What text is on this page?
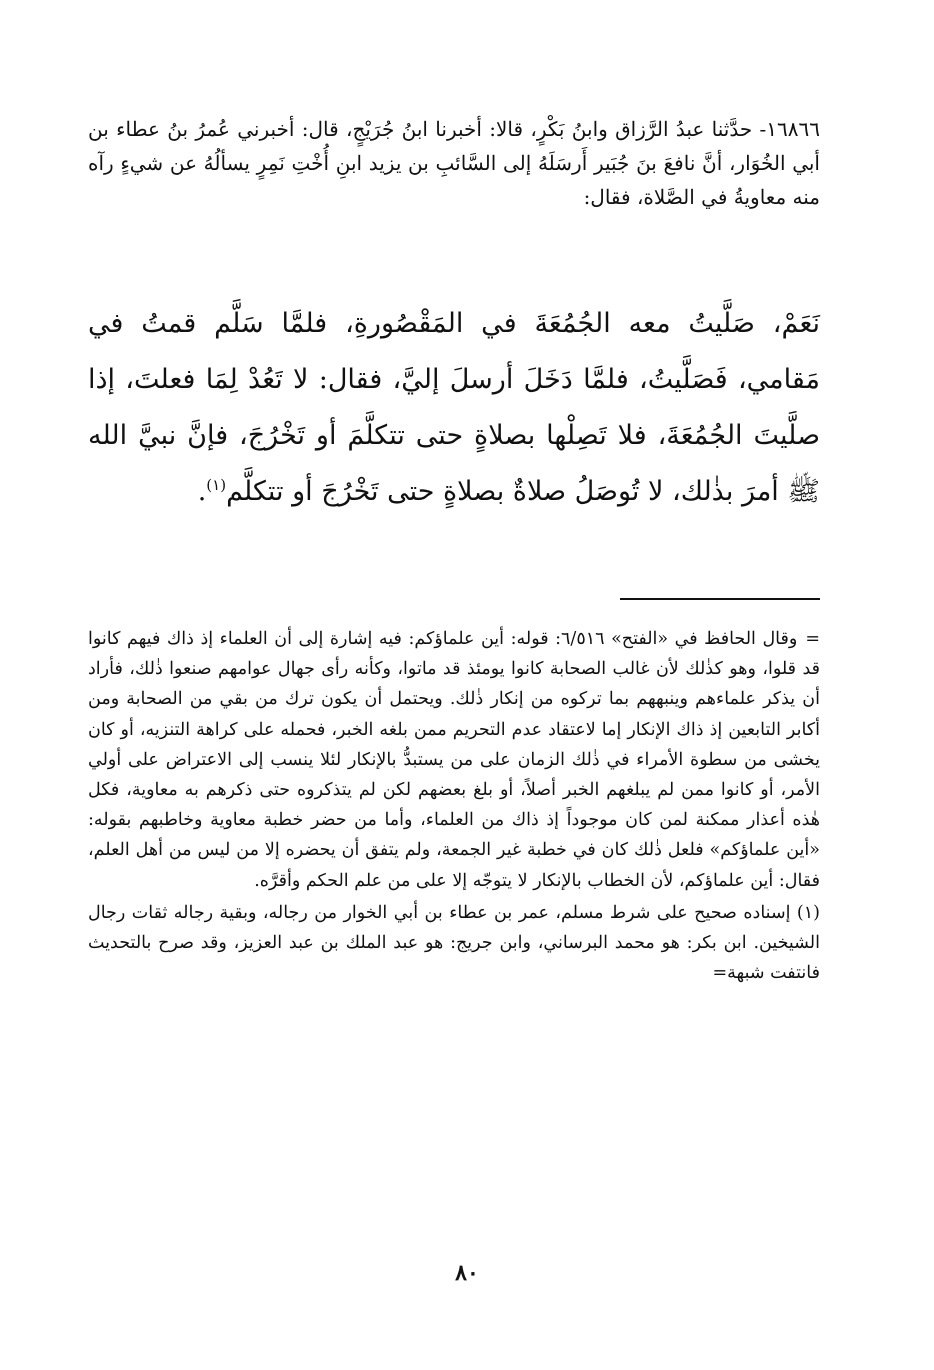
١٦٨٦٦- حدَّثنا عبدُ الرَّزاق وابنُ بَكْرٍ، قالا: أخبرنا ابنُ جُرَيْجٍ، قال: أخبرني عُمرُ بنُ عطاء بن أبي الخُوَار، أنَّ نافعَ بنَ جُبَير أَرسَلَهُ إلى السَّائبِ بن يزيد ابنِ أُخْتِ نَمِرٍ يسألُهُ عن شيءٍ رآه منه معاويةُ في الصَّلاة، فقال:

نَعَمْ، صَلَّيتُ معه الجُمُعَةَ في المَقْصُورةِ، فلمَّا سَلَّم قمتُ في مَقامي، فَصَلَّيتُ، فلمَّا دَخَلَ أرسلَ إليَّ، فقال: لا تَعُدْ لِمَا فعلتَ، إذا صلَّيتَ الجُمُعَةَ، فلا تَصِلْها بصلاةٍ حتى تتكلَّمَ أو تَخْرُجَ، فإنَّ نبيَّ الله ﷺ أمرَ بذٰلك، لا تُوصَلُ صلاةٌ بصلاةٍ حتى تَخْرُجَ أو تتكلَّم$^{(١)}$.

=وقال الحافظ في «الفتح» ٦/٥١٦: قوله: أين علماؤكم: فيه إشارة إلى أن العلماء إذ ذاك فيهم كانوا قد قلوا، وهو كذٰلك لأن غالب الصحابة كانوا يومئذ قد ماتوا، وكأنه رأى جهال عوامهم صنعوا ذٰلك، فأراد أن يذكر علماءهم وينبههم بما تركوه من إنكار ذٰلك. ويحتمل أن يكون ترك من بقي من الصحابة ومن أكابر التابعين إذ ذاك الإنكار إما لاعتقاد عدم التحريم ممن بلغه الخبر، فحمله على كراهة التنزيه، أو كان يخشى من سطوة الأمراء في ذٰلك الزمان على من يستبدُّ بالإنكار لئلا ينسب إلى الاعتراض على أولي الأمر، أو كانوا ممن لم يبلغهم الخبر أصلاً، أو بلغ بعضهم لكن لم يتذكروه حتى ذكرهم به معاوية، فكل هٰذه أعذار ممكنة لمن كان موجوداً إذ ذاك من العلماء، وأما من حضر خطبة معاوية وخاطبهم بقوله: «أين علماؤكم» فلعل ذٰلك كان في خطبة غير الجمعة، ولم يتفق أن يحضره إلا من ليس من أهل العلم، فقال: أين علماؤكم، لأن الخطاب بالإنكار لا يتوجّه إلا على من علم الحكم وأقرَّه.

(١) إسناده صحيح على شرط مسلم، عمر بن عطاء بن أبي الخوار من رجاله، وبقية رجاله ثقات رجال الشيخين. ابن بكر: هو محمد البرساني، وابن جريج: هو عبد الملك بن عبد العزيز، وقد صرح بالتحديث فانتفت شبهة=

٨٠
